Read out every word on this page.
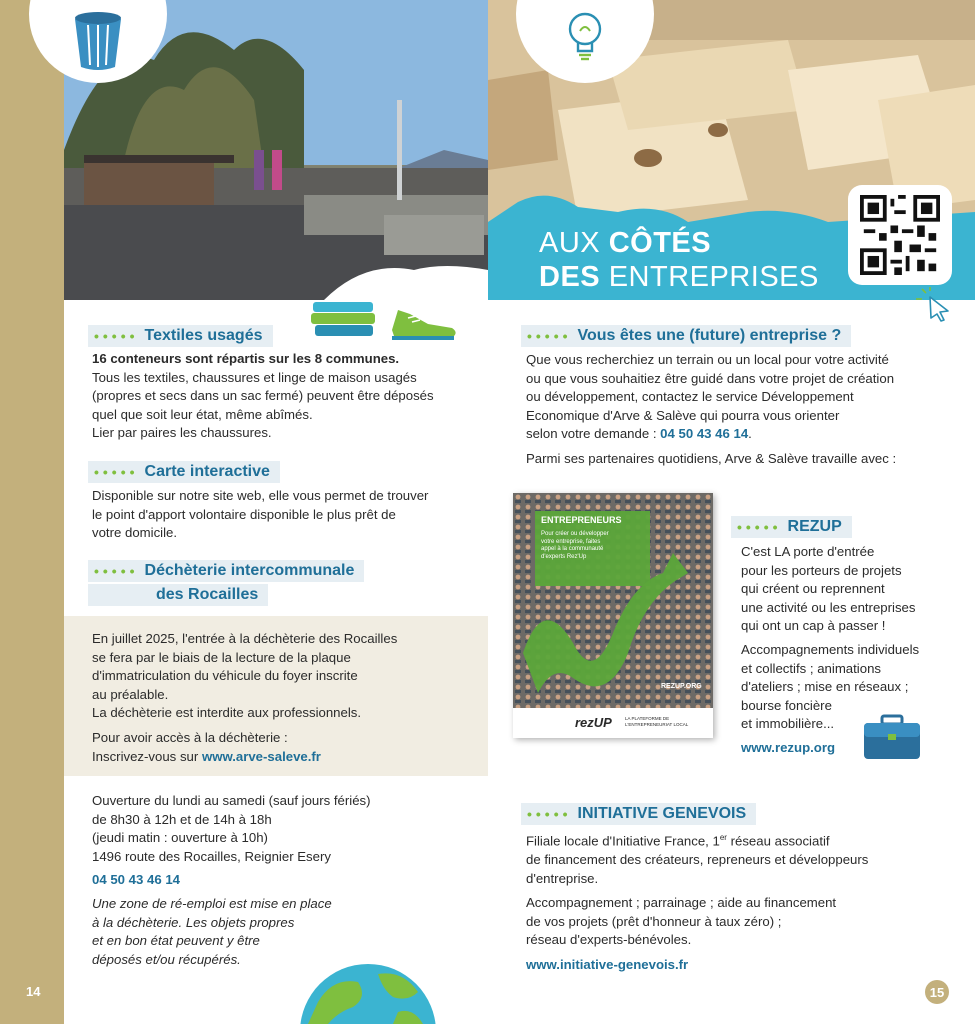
AUX CÔTÉS
DES ENTREPRISES
••••• Textiles usagés
16 conteneurs sont répartis sur les 8 communes.
Tous les textiles, chaussures et linge de maison usagés
(propres et secs dans un sac fermé) peuvent être déposés
quel que soit leur état, même abîmés.
Lier par paires les chaussures.
••••• Carte interactive
Disponible sur notre site web, elle vous permet de trouver
le point d'apport volontaire disponible le plus prêt de
votre domicile.
••••• Déchèterie intercommunale
des Rocailles
En juillet 2025, l'entrée à la déchèterie des Rocailles
se fera par le biais de la lecture de la plaque
d'immatriculation du véhicule du foyer inscrite
au préalable.
La déchèterie est interdite aux professionnels.
Pour avoir accès à la déchèterie :
Inscrivez-vous sur www.arve-saleve.fr
Ouverture du lundi au samedi (sauf jours fériés)
de 8h30 à 12h et de 14h à 18h
(jeudi matin : ouverture à 10h)
1496 route des Rocailles, Reignier Esery
04 50 43 46 14
Une zone de ré-emploi est mise en place
à la déchèterie. Les objets propres
et en bon état peuvent y être
déposés et/ou récupérés.
••••• Vous êtes une (future) entreprise ?
Que vous recherchiez un terrain ou un local pour votre activité
ou que vous souhaitiez être guidé dans votre projet de création
ou développement, contactez le service Développement
Economique d'Arve & Salève qui pourra vous orienter
selon votre demande : 04 50 43 46 14.
Parmi ses partenaires quotidiens, Arve & Salève travaille avec :
ENTREPRENEURS
Pour créer ou développer votre entreprise, faites appel à la communauté d'experts Rez'Up
REZUP.ORG
rezUP	LA PLATEFORME DE L'ENTREPRENEURIAT LOCAL
••••• REZUP
C'est LA porte d'entrée
pour les porteurs de projets
qui créent ou reprennent
une activité ou les entreprises
qui ont un cap à passer !
Accompagnements individuels
et collectifs ; animations
d'ateliers ; mise en réseaux ;
bourse foncière
et immobilière...
www.rezup.org
••••• INITIATIVE GENEVOIS
Filiale locale d'Initiative France, 1er réseau associatif
de financement des créateurs, repreneurs et développeurs
d'entreprise.
Accompagnement ; parrainage ; aide au financement
de vos projets (prêt d'honneur à taux zéro) ;
réseau d'experts-bénévoles.
www.initiative-genevois.fr
14	15
